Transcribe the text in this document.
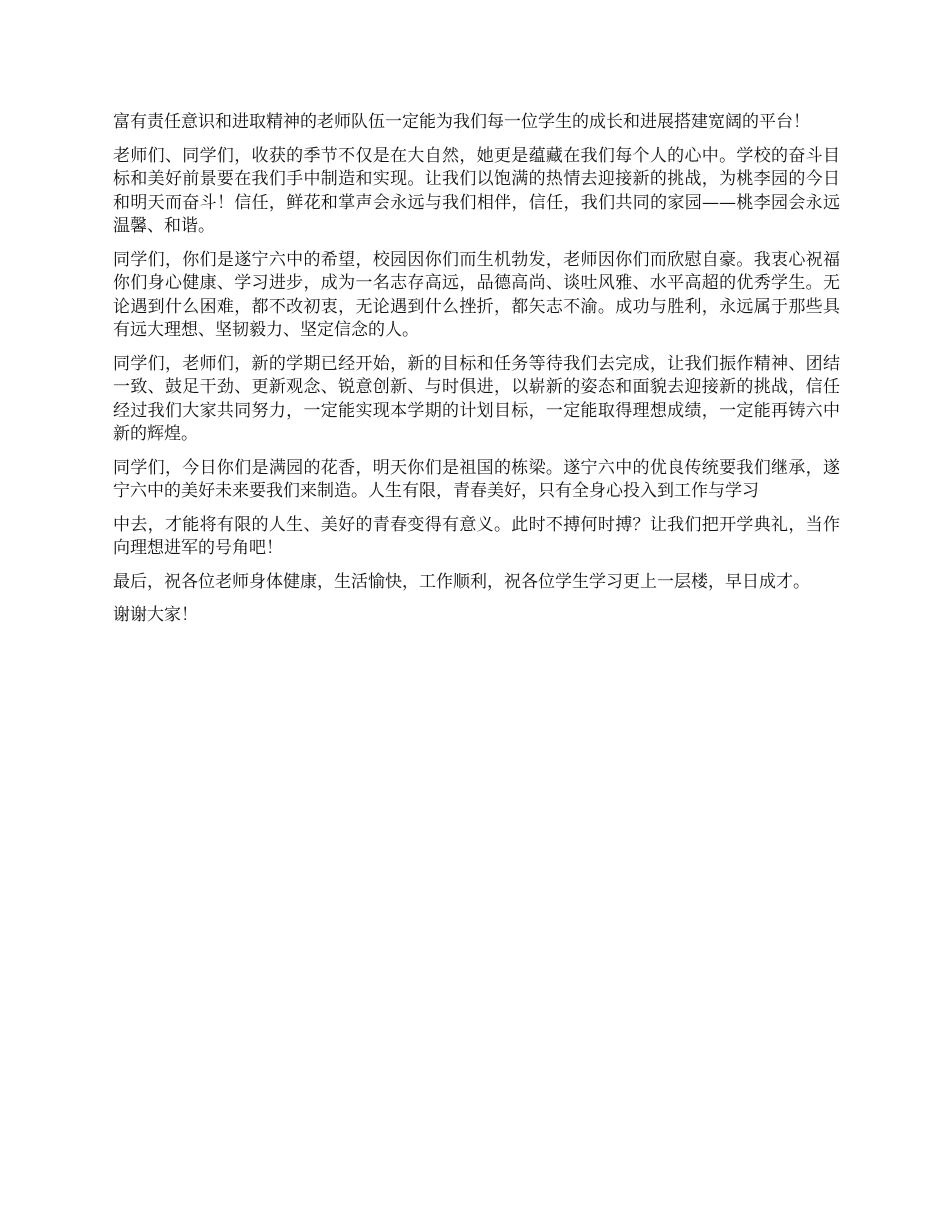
富有责任意识和进取精神的老师队伍一定能为我们每一位学生的成长和进展搭建宽阔的平台！

老师们、同学们，收获的季节不仅是在大自然，她更是蕴藏在我们每个人的心中。学校的奋斗目标和美好前景要在我们手中制造和实现。让我们以饱满的热情去迎接新的挑战，为桃李园的今日和明天而奋斗！信任，鲜花和掌声会永远与我们相伴，信任，我们共同的家园——桃李园会永远温馨、和谐。

同学们，你们是遂宁六中的希望，校园因你们而生机勃发，老师因你们而欣慰自豪。我衷心祝福你们身心健康、学习进步，成为一名志存高远，品德高尚、谈吐风雅、水平高超的优秀学生。无论遇到什么困难，都不改初衷，无论遇到什么挫折，都矢志不渝。成功与胜利，永远属于那些具有远大理想、坚韧毅力、坚定信念的人。

同学们，老师们，新的学期已经开始，新的目标和任务等待我们去完成，让我们振作精神、团结一致、鼓足干劲、更新观念、锐意创新、与时俱进，以崭新的姿态和面貌去迎接新的挑战，信任经过我们大家共同努力，一定能实现本学期的计划目标，一定能取得理想成绩，一定能再铸六中新的辉煌。

同学们，今日你们是满园的花香，明天你们是祖国的栋梁。遂宁六中的优良传统要我们继承，遂宁六中的美好未来要我们来制造。人生有限，青春美好，只有全身心投入到工作与学习

中去，才能将有限的人生、美好的青春变得有意义。此时不搏何时搏？让我们把开学典礼，当作向理想进军的号角吧！

最后，祝各位老师身体健康，生活愉快，工作顺利，祝各位学生学习更上一层楼，早日成才。

谢谢大家！
